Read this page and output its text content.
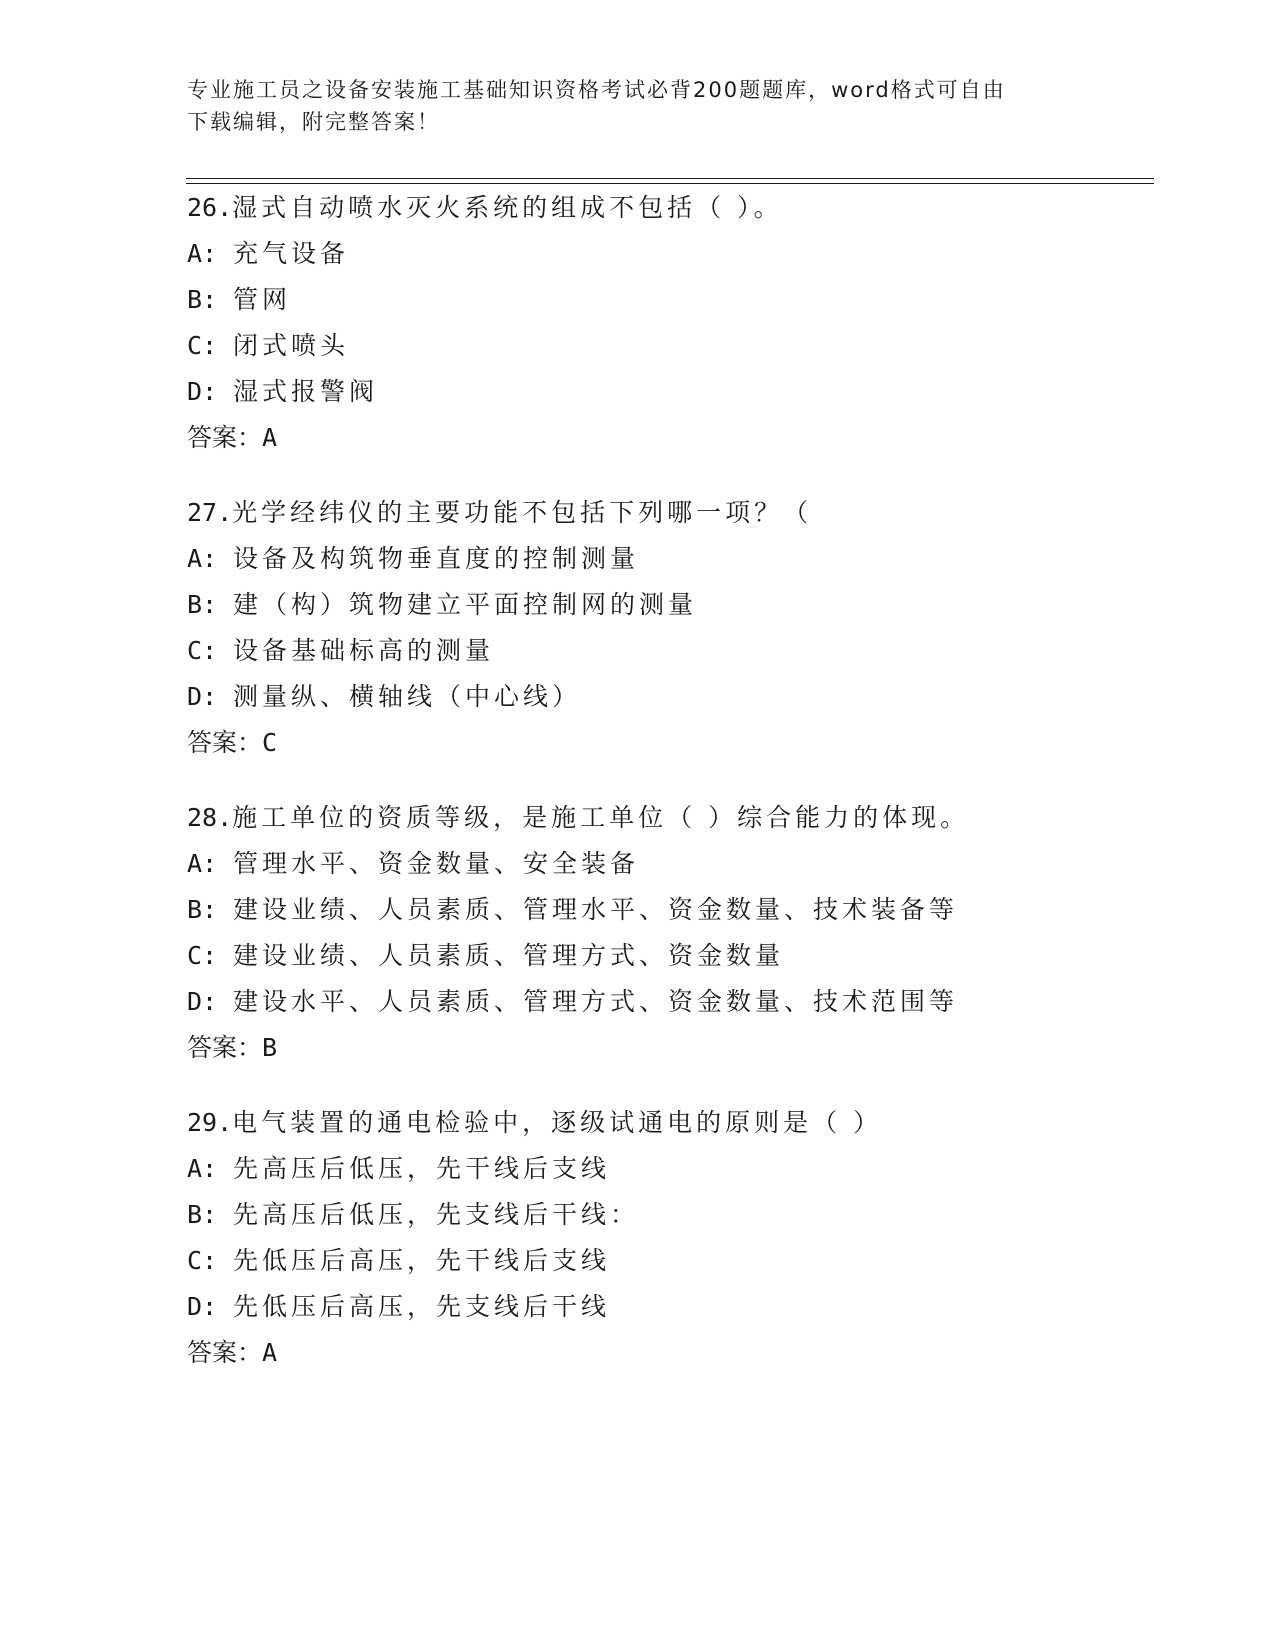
专业施工员之设备安装施工基础知识资格考试必背200题题库，word格式可自由
下载编辑，附完整答案！
26.湿式自动喷水灭火系统的组成不包括（ ）。
A: 充气设备
B: 管网
C: 闭式喷头
D: 湿式报警阀
答案：A
27.光学经纬仪的主要功能不包括下列哪一项？（
A: 设备及构筑物垂直度的控制测量
B: 建（构）筑物建立平面控制网的测量
C: 设备基础标高的测量
D: 测量纵、横轴线（中心线）
答案：C
28.施工单位的资质等级，是施工单位（ ）综合能力的体现。
A: 管理水平、资金数量、安全装备
B: 建设业绩、人员素质、管理水平、资金数量、技术装备等
C: 建设业绩、人员素质、管理方式、资金数量
D: 建设水平、人员素质、管理方式、资金数量、技术范围等
答案：B
29.电气装置的通电检验中，逐级试通电的原则是（ ）
A: 先高压后低压，先干线后支线
B: 先高压后低压，先支线后干线：
C: 先低压后高压，先干线后支线
D: 先低压后高压，先支线后干线
答案：A
